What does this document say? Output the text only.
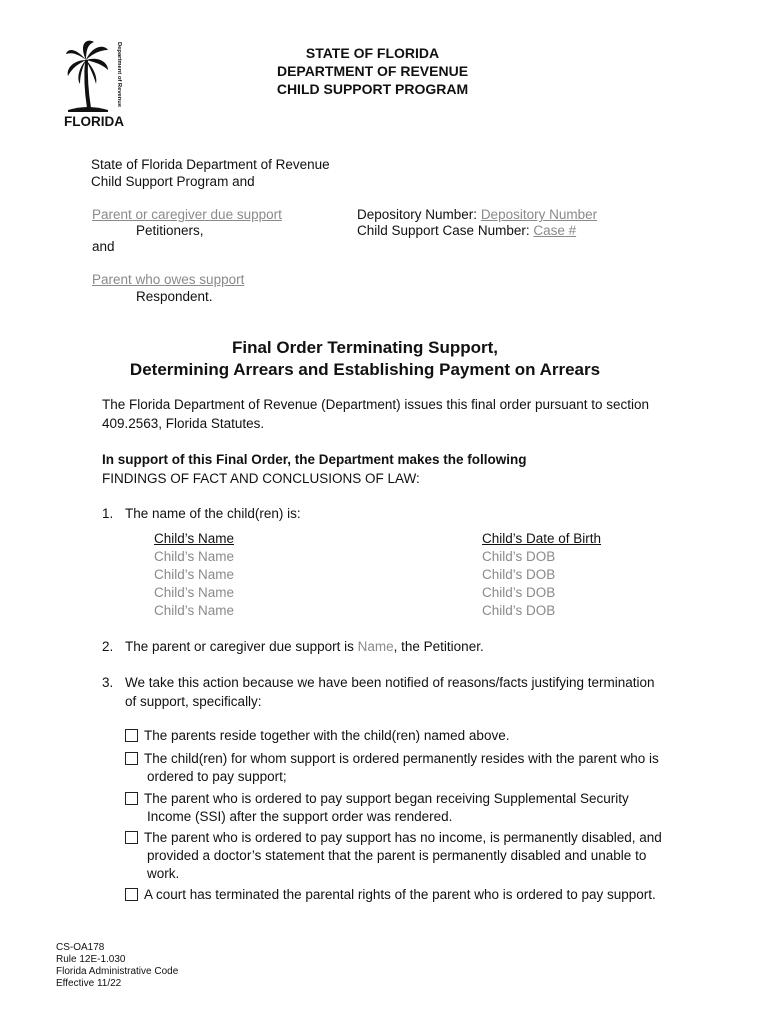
Department of Revenue
FLORIDA
STATE OF FLORIDA
DEPARTMENT OF REVENUE
CHILD SUPPORT PROGRAM
State of Florida Department of Revenue
Child Support Program and
Parent or caregiver due support
Petitioners,
and
Parent who owes support
Respondent.
Depository Number: Depository Number
Child Support Case Number: Case #
Final Order Terminating Support,
Determining Arrears and Establishing Payment on Arrears
The Florida Department of Revenue (Department) issues this final order pursuant to section
409.2563, Florida Statutes.
In support of this Final Order, the Department makes the following
FINDINGS OF FACT AND CONCLUSIONS OF LAW:
1. The name of the child(ren) is:
Child’s Name	Child’s Date of Birth
Child’s Name	Child’s DOB
Child’s Name	Child’s DOB
Child’s Name	Child’s DOB
Child’s Name	Child’s DOB
2. The parent or caregiver due support is Name, the Petitioner.
3. We take this action because we have been notified of reasons/facts justifying termination
of support, specifically:
The parents reside together with the child(ren) named above.
The child(ren) for whom support is ordered permanently resides with the parent who is
ordered to pay support;
The parent who is ordered to pay support began receiving Supplemental Security
Income (SSI) after the support order was rendered.
The parent who is ordered to pay support has no income, is permanently disabled, and
provided a doctor’s statement that the parent is permanently disabled and unable to
work.
A court has terminated the parental rights of the parent who is ordered to pay support.
CS-OA178
Rule 12E-1.030
Florida Administrative Code
Effective 11/22
